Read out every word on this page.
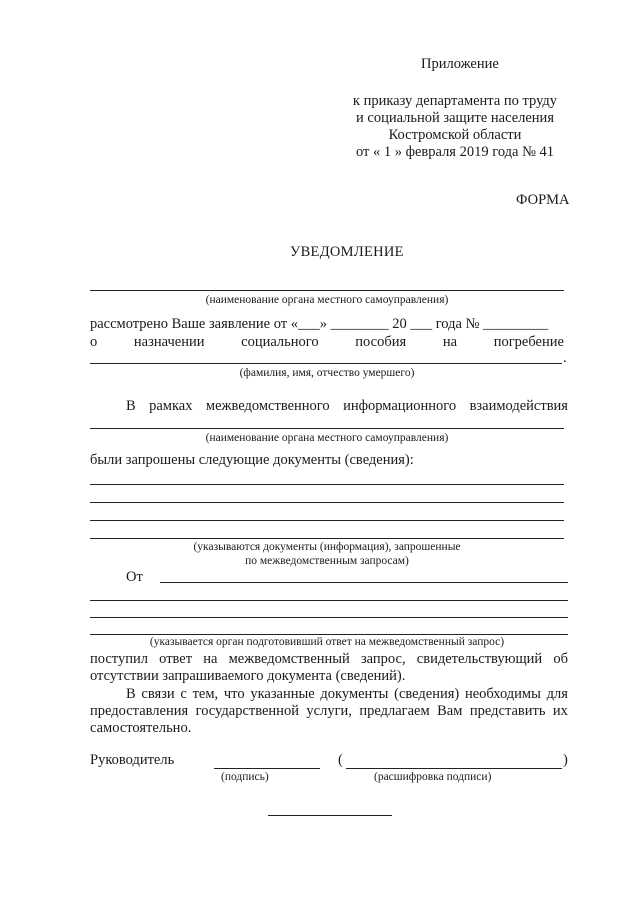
Приложение
к приказу департамента по труду
и социальной защите населения
Костромской области
от « 1 » февраля 2019 года № 41
ФОРМА
УВЕДОМЛЕНИЕ
(наименование органа местного самоуправления)
рассмотрено Ваше заявление от «___» ________ 20 ___ года № _________
о	назначении	социального	пособия	на	погребение
.
(фамилия, имя, отчество умершего)
В рамках межведомственного информационного взаимодействия
(наименование органа местного самоуправления)
были запрошены следующие документы (сведения):
(указываются документы (информация), запрошенные
по межведомственным запросам)
От
(указывается орган подготовивший ответ на межведомственный запрос)
поступил ответ на межведомственный запрос, свидетельствующий об
отсутствии запрашиваемого документа (сведений).
В связи с тем, что указанные документы (сведения) необходимы для
предоставления государственной услуги, предлагаем Вам представить их
самостоятельно.
Руководитель	(	)
(подпись)	(расшифровка подписи)
